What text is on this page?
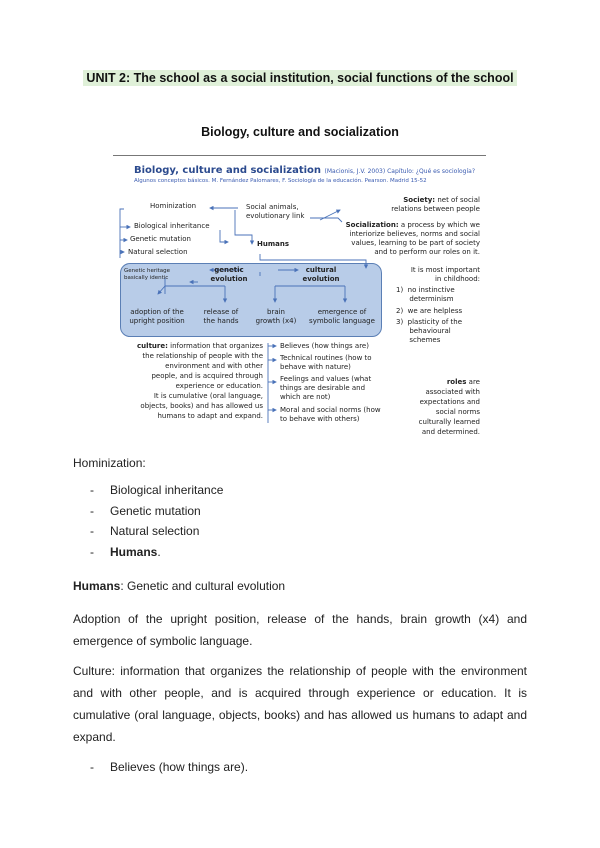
UNIT 2: The school as a social institution, social functions of the school
Biology, culture and socialization
Biology, culture and socialization (Macionis, J.V. 2003) Capítulo: ¿Qué es sociología?
Algunos conceptos básicos. M. Fernández Palomares, F. Sociología de la educación. Pearson. Madrid 15-52
Hominization	Social animals,
evolutionary link
Biological inheritance
Genetic mutation
Natural selection
Humans
Genetic heritage
basically identic
genetic
evolution
cultural
evolution
adoption of the
upright position
release of
the hands
brain
growth (x4)
emergence of
symbolic language
Society: net of social
relations between people
Socialization: a process by which we
interiorize believes, norms and social
values, learning to be part of society
and to perform our roles on it.
It is most important
in childhood:
1) no instinctive
determinism
2) we are helpless
3) plasticity of the
behavioural
schemes
culture: information that organizes
the relationship of people with the
environment and with other
people, and is acquired through
experience or education.
It is cumulative (oral language,
objects, books) and has allowed us
humans to adapt and expand.
Believes (how things are)
Technical routines (how to
behave with nature)
Feelings and values (what
things are desirable and
which are not)
Moral and social norms (how
to behave with others)
roles are
associated with
expectations and
social norms
culturally learned
and determined.
Hominization:
- Biological inheritance
- Genetic mutation
- Natural selection
- Humans.
Humans: Genetic and cultural evolution
Adoption of the upright position, release of the hands, brain growth (x4) and emergence of symbolic language.
Culture: information that organizes the relationship of people with the environment and with other people, and is acquired through experience or education. It is cumulative (oral language, objects, books) and has allowed us humans to adapt and expand.
- Believes (how things are).
